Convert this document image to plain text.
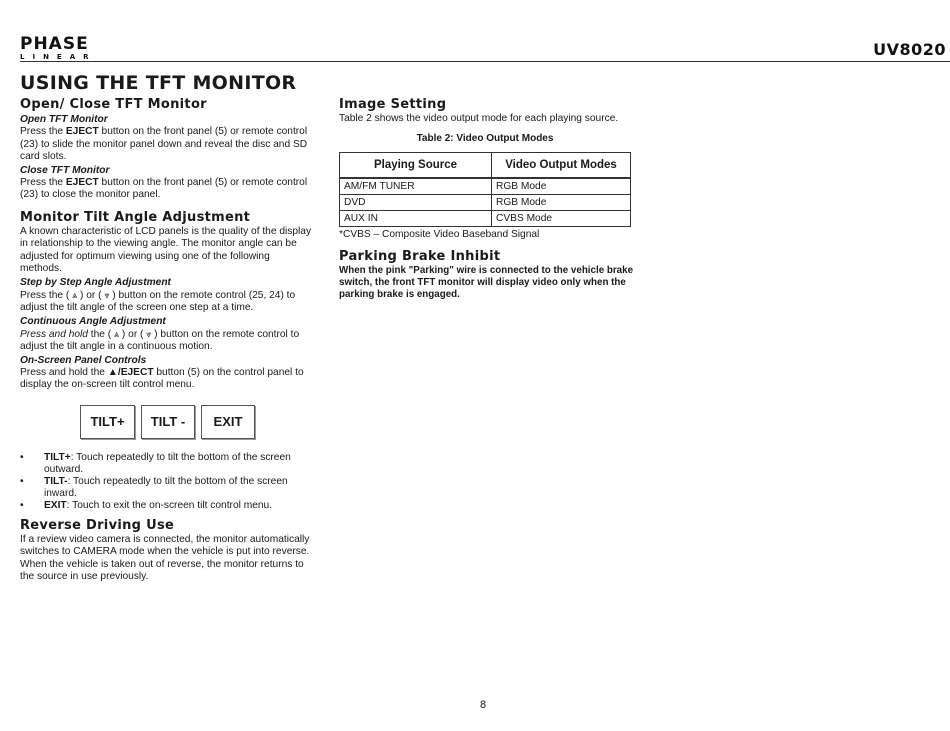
PHASE
LINEAR	UV8020
USING THE TFT MONITOR

Open/ Close TFT Monitor

Open TFT Monitor

Press the EJECT button on the front panel (5) or remote control (23) to slide the monitor panel down and reveal the disc and SD card slots.

Close TFT Monitor

Press the EJECT button on the front panel (5) or remote control (23) to close the monitor panel.

Monitor Tilt Angle Adjustment

A known characteristic of LCD panels is the quality of the display in relationship to the viewing angle. The monitor angle can be adjusted for optimum viewing using one of the following methods.

Step by Step Angle Adjustment

Press the ( ⩓ ) or ( ⩔ ) button on the remote control (25, 24) to adjust the tilt angle of the screen one step at a time.

Continuous Angle Adjustment

Press and hold the ( ⩓ ) or ( ⩔ ) button on the remote control to adjust the tilt angle in a continuous motion.

On-Screen Panel Controls

Press and hold the ▲/EJECT button (5) on the control panel to display the on-screen tilt control menu.

TILT+	TILT -	EXIT
• TILT+: Touch repeatedly to tilt the bottom of the screen outward.
• TILT-: Touch repeatedly to tilt the bottom of the screen inward.
• EXIT: Touch to exit the on-screen tilt control menu.

Reverse Driving Use

If a review video camera is connected, the monitor automatically switches to CAMERA mode when the vehicle is put into reverse. When the vehicle is taken out of reverse, the monitor returns to the source in use previously.

Image Setting

Table 2 shows the video output mode for each playing source.

Table 2: Video Output Modes
Playing Source	Video Output Modes
AM/FM TUNER	RGB Mode
DVD	RGB Mode
AUX IN	CVBS Mode

*CVBS – Composite Video Baseband Signal

Parking Brake Inhibit

When the pink "Parking" wire is connected to the vehicle brake switch, the front TFT monitor will display video only when the parking brake is engaged.

8
